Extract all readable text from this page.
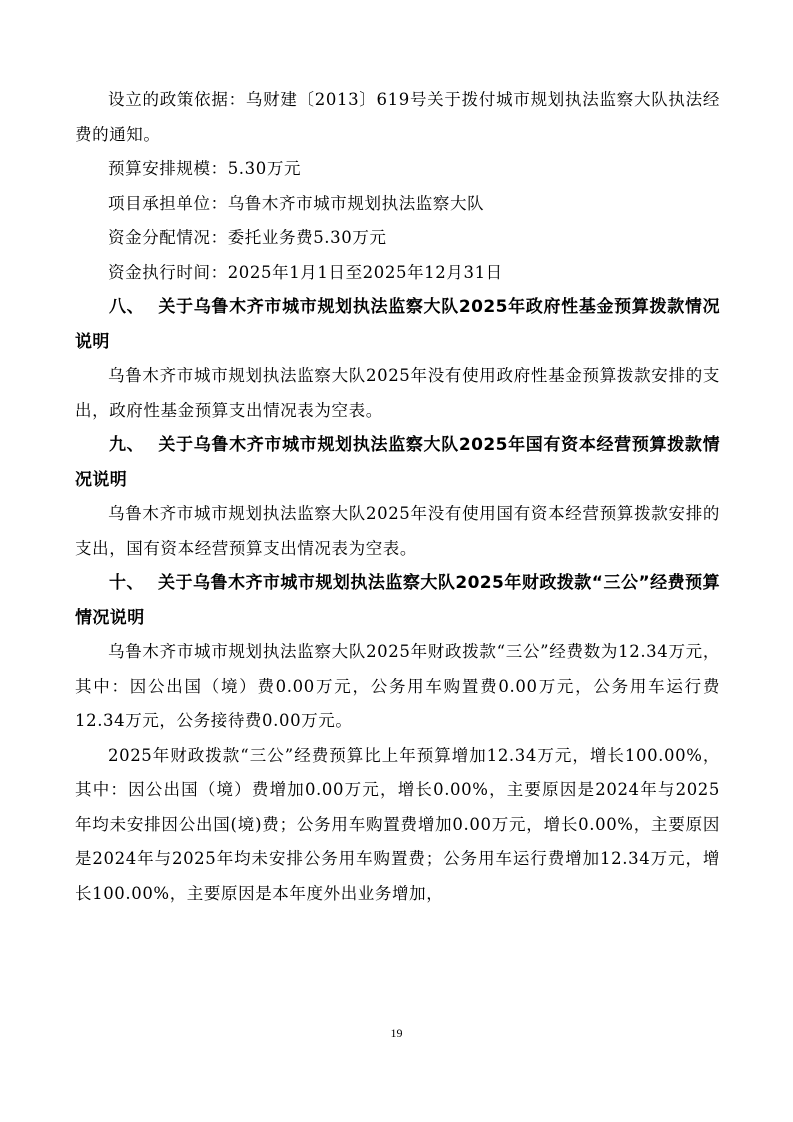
设立的政策依据：乌财建〔2013〕619号关于拨付城市规划执法监察大队执法经费的通知。

预算安排规模：5.30万元

项目承担单位：乌鲁木齐市城市规划执法监察大队

资金分配情况：委托业务费5.30万元

资金执行时间：2025年1月1日至2025年12月31日

八、 关于乌鲁木齐市城市规划执法监察大队2025年政府性基金预算拨款情况说明

乌鲁木齐市城市规划执法监察大队2025年没有使用政府性基金预算拨款安排的支出，政府性基金预算支出情况表为空表。

九、 关于乌鲁木齐市城市规划执法监察大队2025年国有资本经营预算拨款情况说明

乌鲁木齐市城市规划执法监察大队2025年没有使用国有资本经营预算拨款安排的支出，国有资本经营预算支出情况表为空表。

十、 关于乌鲁木齐市城市规划执法监察大队2025年财政拨款“三公”经费预算情况说明

乌鲁木齐市城市规划执法监察大队2025年财政拨款“三公”经费数为12.34万元，其中：因公出国（境）费0.00万元，公务用车购置费0.00万元，公务用车运行费12.34万元，公务接待费0.00万元。

2025年财政拨款“三公”经费预算比上年预算增加12.34万元，增长100.00%，其中：因公出国（境）费增加0.00万元，增长0.00%，主要原因是2024年与2025年均未安排因公出国(境)费；公务用车购置费增加0.00万元，增长0.00%，主要原因是2024年与2025年均未安排公务用车购置费；公务用车运行费增加12.34万元，增长100.00%，主要原因是本年度外出业务增加，

19
